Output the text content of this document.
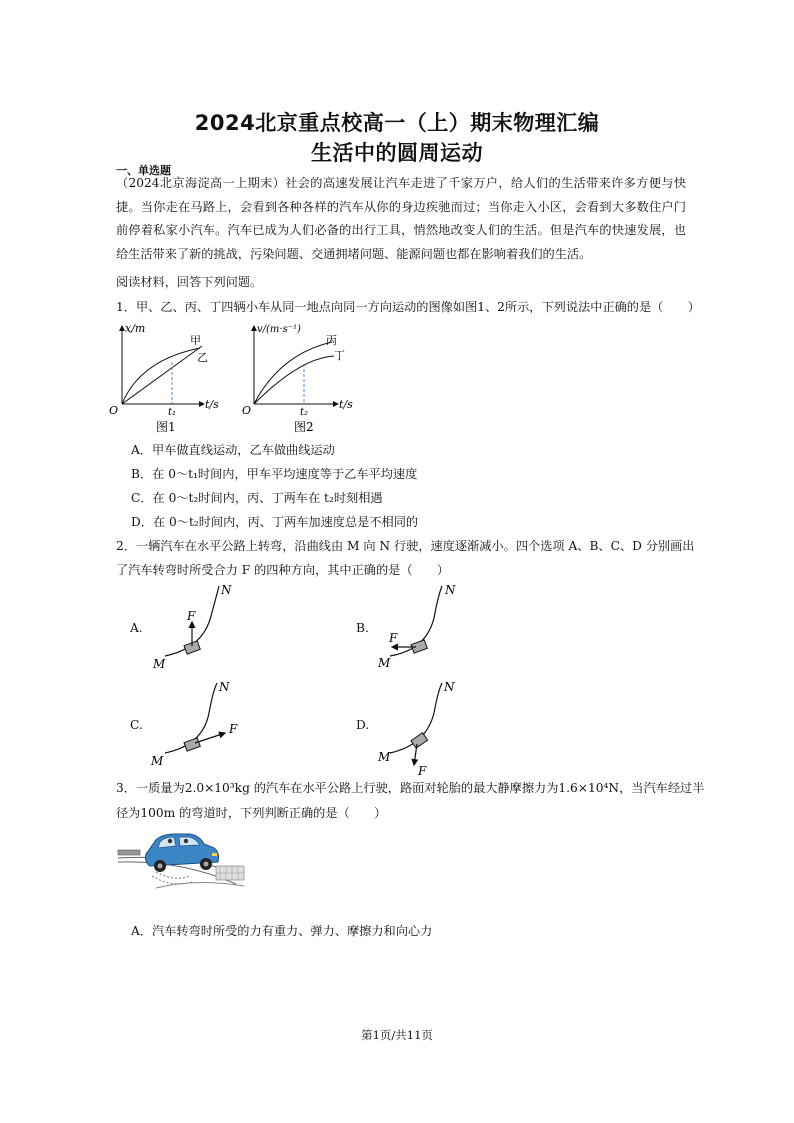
2024北京重点校高一（上）期末物理汇编
生活中的圆周运动
一、单选题
（2024北京海淀高一上期末）社会的高速发展让汽车走进了千家万户，给人们的生活带来许多方便与快捷。当你走在马路上，会看到各种各样的汽车从你的身边疾驰而过；当你走入小区，会看到大多数住户门前停着私家小汽车。汽车已成为人们必备的出行工具，悄然地改变人们的生活。但是汽车的快速发展，也给生活带来了新的挑战，污染问题、交通拥堵问题、能源问题也都在影响着我们的生活。
阅读材料，回答下列问题。
1．甲、乙、丙、丁四辆小车从同一地点向同一方向运动的图像如图1、2所示，下列说法中正确的是（　　）
x/m
t/s
O	t₁
甲
乙
图1
v/(m·s⁻¹)
t/s
O	t₂
丙
丁
图2
A．甲车做直线运动，乙车做曲线运动
B．在 0～t₁时间内，甲车平均速度等于乙车平均速度
C．在 0～t₂时间内，丙、丁两车在 t₂时刻相遇
D．在 0～t₂时间内，丙、丁两车加速度总是不相同的
2．一辆汽车在水平公路上转弯，沿曲线由 M 向 N 行驶，速度逐渐减小。四个选项 A、B、C、D 分别画出
了汽车转弯时所受合力 F 的四种方向，其中正确的是（　　）
A.
F
M
N
B.
F
M
N
C.	F
M
N
D.
F
M
N
3．一质量为2.0×10³kg 的汽车在水平公路上行驶，路面对轮胎的最大静摩擦力为1.6×10⁴N，当汽车经过半
径为100m 的弯道时，下列判断正确的是（　　）
A．汽车转弯时所受的力有重力、弹力、摩擦力和向心力
第1页/共11页
